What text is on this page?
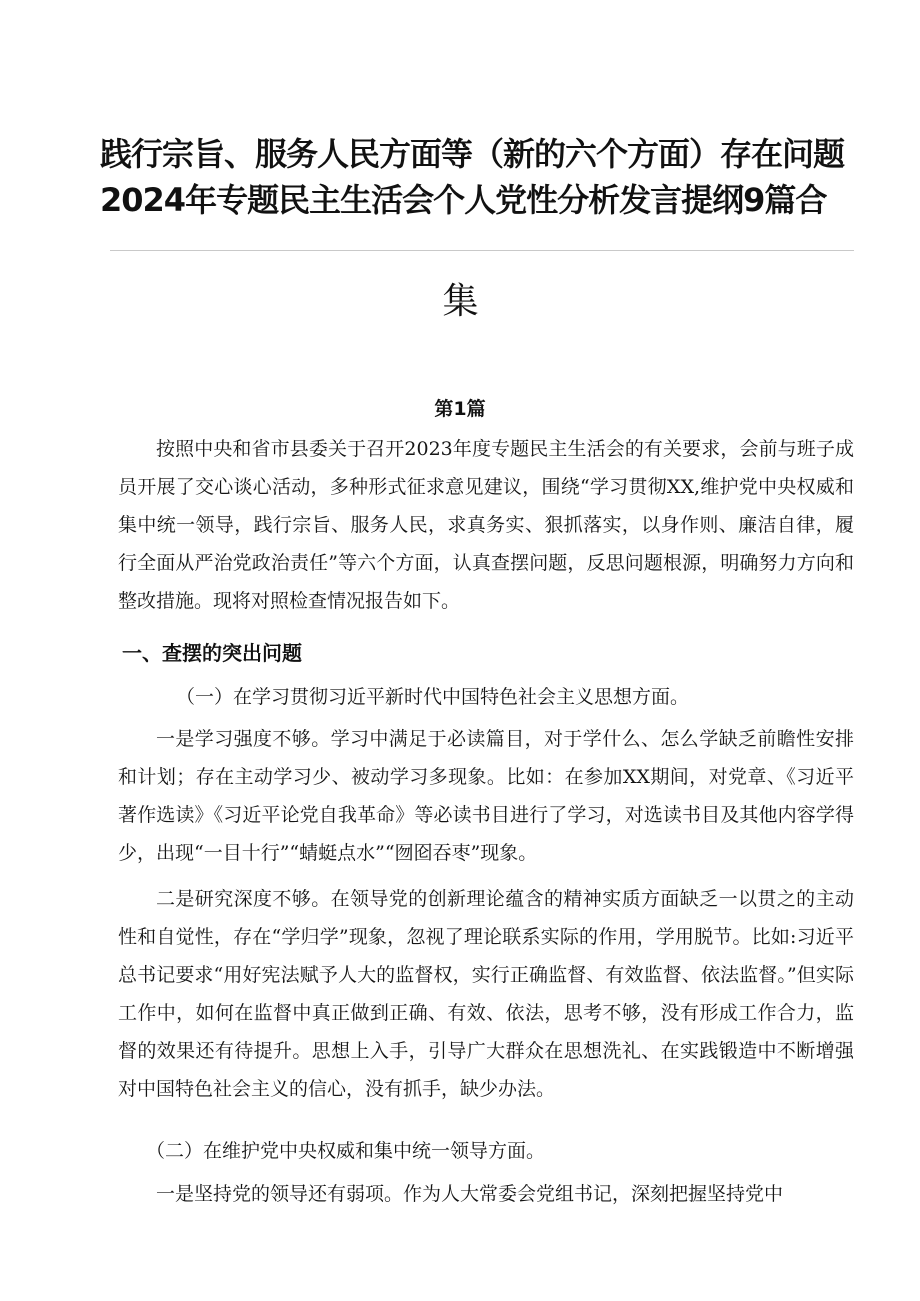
践行宗旨、服务人民方面等（新的六个方面）存在问题
2024年专题民主生活会个人党性分析发言提纲9篇合
集
第1篇

按照中央和省市县委关于召开2023年度专题民主生活会的有关要求，会前与班子成员开展了交心谈心活动，多种形式征求意见建议，围绕“学习贯彻XX,维护党中央权威和集中统一领导，践行宗旨、服务人民，求真务实、狠抓落实，以身作则、廉洁自律，履行全面从严治党政治责任”等六个方面，认真查摆问题，反思问题根源，明确努力方向和整改措施。现将对照检查情况报告如下。

一、查摆的突出问题
（一）在学习贯彻习近平新时代中国特色社会主义思想方面。

一是学习强度不够。学习中满足于必读篇目，对于学什么、怎么学缺乏前瞻性安排和计划；存在主动学习少、被动学习多现象。比如：在参加XX期间，对党章、《习近平著作选读》《习近平论党自我革命》等必读书目进行了学习，对选读书目及其他内容学得少，出现“一目十行”“蜻蜓点水”“囫囵吞枣”现象。

二是研究深度不够。在领导党的创新理论蕴含的精神实质方面缺乏一以贯之的主动性和自觉性，存在“学归学”现象，忽视了理论联系实际的作用，学用脱节。比如:习近平总书记要求“用好宪法赋予人大的监督权，实行正确监督、有效监督、依法监督。”但实际工作中，如何在监督中真正做到正确、有效、依法，思考不够，没有形成工作合力，监督的效果还有待提升。思想上入手，引导广大群众在思想洗礼、在实践锻造中不断增强对中国特色社会主义的信心，没有抓手，缺少办法。

（二）在维护党中央权威和集中统一领导方面。

一是坚持党的领导还有弱项。作为人大常委会党组书记，深刻把握坚持党中
